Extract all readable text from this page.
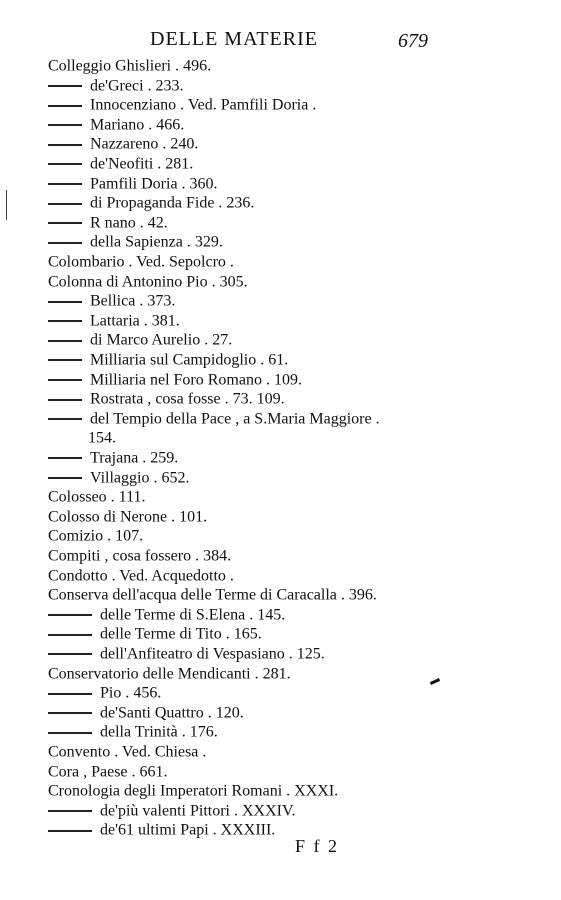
DELLE MATERIE	679
Colleggio Ghislieri . 496.
de'Greci . 233.
Innocenziano . Ved. Pamfili Doria .
Mariano . 466.
Nazzareno . 240.
de'Neofiti . 281.
Pamfili Doria . 360.
di Propaganda Fide . 236.
R nano . 42.
della Sapienza . 329.
Colombario . Ved. Sepolcro .
Colonna di Antonino Pio . 305.
Bellica . 373.
Lattaria . 381.
di Marco Aurelio . 27.
Milliaria sul Campidoglio . 61.
Milliaria nel Foro Romano . 109.
Rostrata , cosa fosse . 73. 109.
del Tempio della Pace , a S.Maria Maggiore .
154.
Trajana . 259.
Villaggio . 652.
Colosseo . 111.
Colosso di Nerone . 101.
Comizio . 107.
Compiti , cosa fossero . 384.
Condotto . Ved. Acquedotto .
Conserva dell'acqua delle Terme di Caracalla . 396.
delle Terme di S.Elena . 145.
delle Terme di Tito . 165.
dell'Anfiteatro di Vespasiano . 125.
Conservatorio delle Mendicanti . 281.
Pio . 456.
de'Santi Quattro . 120.
della Trinità . 176.
Convento . Ved. Chiesa .
Cora , Paese . 661.
Cronologia degli Imperatori Romani . XXXI.
de'più valenti Pittori . XXXIV.
de'61 ultimi Papi . XXXIII.
F f 2
